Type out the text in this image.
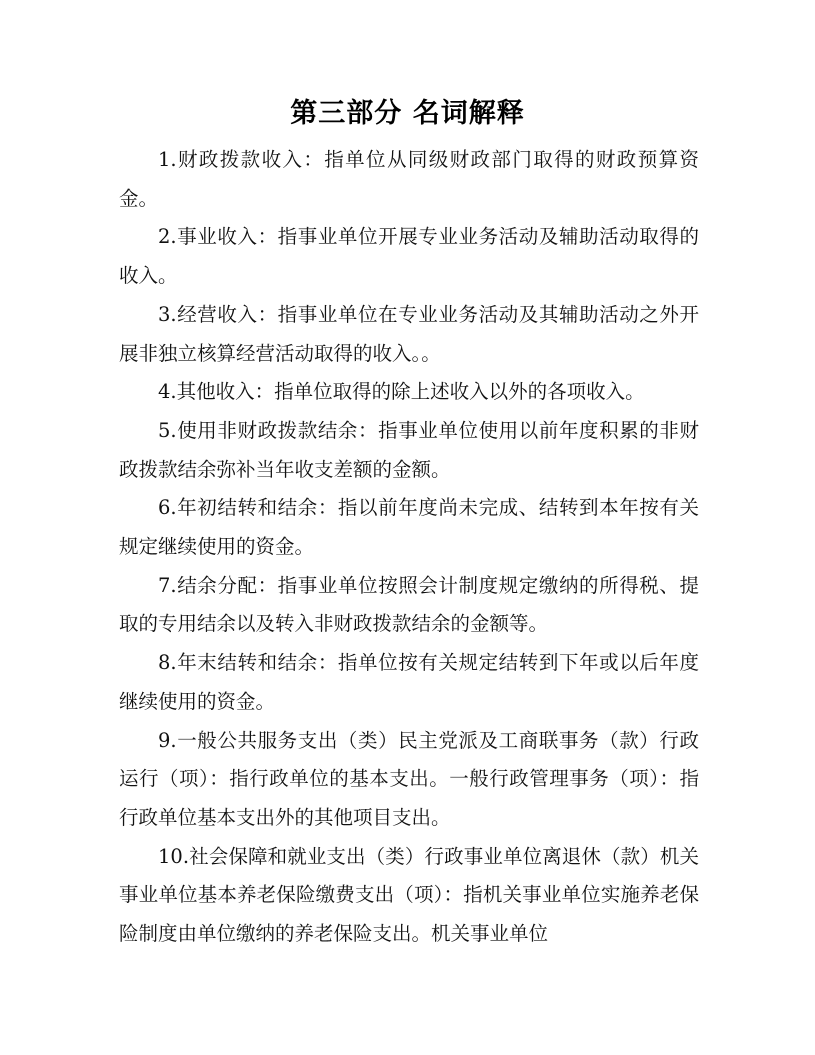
第三部分 名词解释

1.财政拨款收入：指单位从同级财政部门取得的财政预算资金。

2.事业收入：指事业单位开展专业业务活动及辅助活动取得的收入。

3.经营收入：指事业单位在专业业务活动及其辅助活动之外开展非独立核算经营活动取得的收入。。

4.其他收入：指单位取得的除上述收入以外的各项收入。

5.使用非财政拨款结余：指事业单位使用以前年度积累的非财政拨款结余弥补当年收支差额的金额。

6.年初结转和结余：指以前年度尚未完成、结转到本年按有关规定继续使用的资金。

7.结余分配：指事业单位按照会计制度规定缴纳的所得税、提取的专用结余以及转入非财政拨款结余的金额等。

8.年末结转和结余：指单位按有关规定结转到下年或以后年度继续使用的资金。

9.一般公共服务支出（类）民主党派及工商联事务（款）行政运行（项）：指行政单位的基本支出。一般行政管理事务（项）：指行政单位基本支出外的其他项目支出。

10.社会保障和就业支出（类）行政事业单位离退休（款）机关事业单位基本养老保险缴费支出（项）：指机关事业单位实施养老保险制度由单位缴纳的养老保险支出。机关事业单位
